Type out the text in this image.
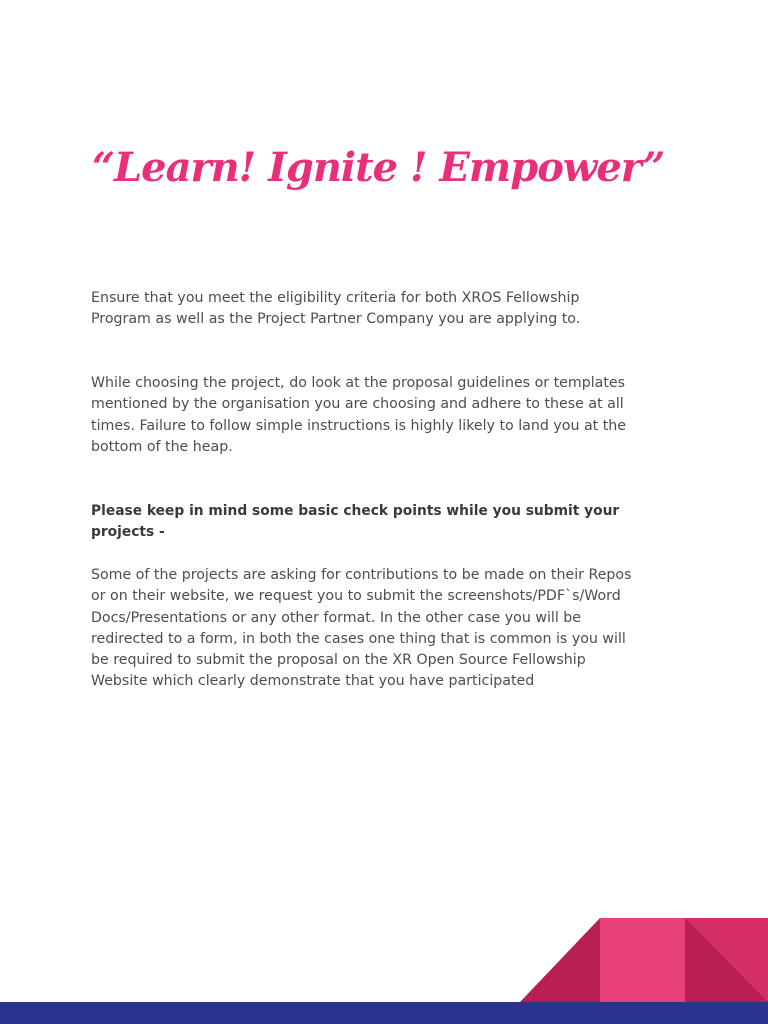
“Learn! Ignite ! Empower”

Ensure that you meet the eligibility criteria for both XROS Fellowship
Program as well as the Project Partner Company you are applying to.

While choosing the project, do look at the proposal guidelines or templates
mentioned by the organisation you are choosing and adhere to these at all
times. Failure to follow simple instructions is highly likely to land you at the
bottom of the heap.

Please keep in mind some basic check points while you submit your
projects -

Some of the projects are asking for contributions to be made on their Repos
or on their website, we request you to submit the screenshots/PDF`s/Word
Docs/Presentations or any other format. In the other case you will be
redirected to a form, in both the cases one thing that is common is you will
be required to submit the proposal on the XR Open Source Fellowship
Website which clearly demonstrate that you have participated
